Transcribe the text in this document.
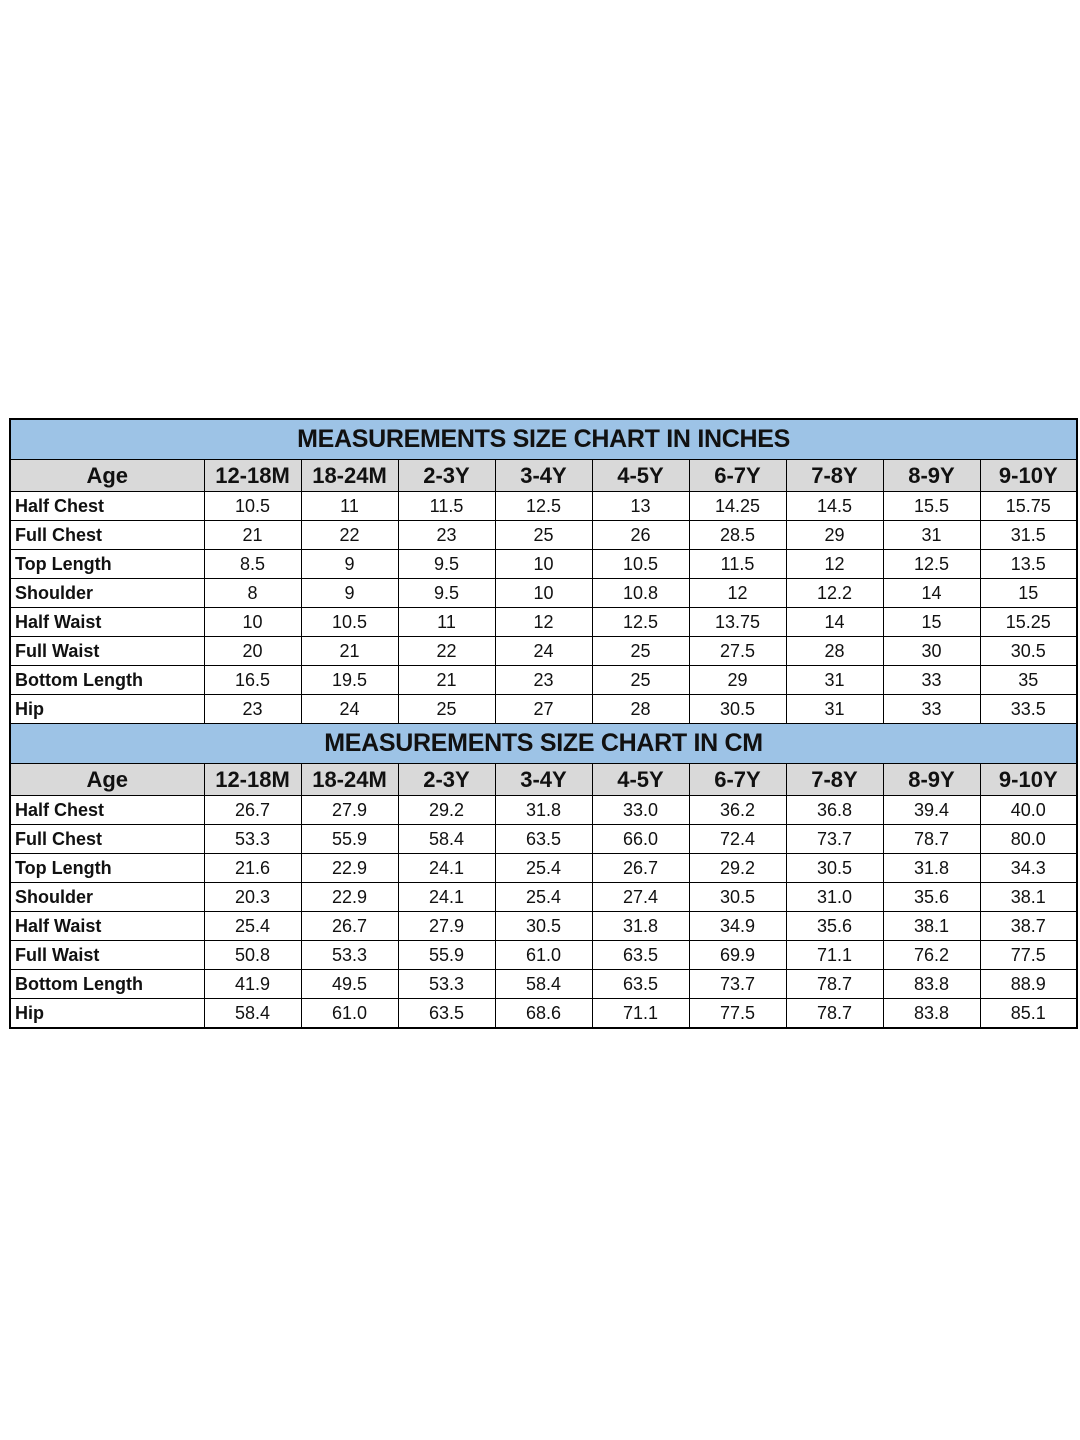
MEASUREMENTS SIZE CHART IN INCHES									
Age	12-18M	18-24M	2-3Y	3-4Y	4-5Y	6-7Y	7-8Y	8-9Y	9-10Y
Half Chest	10.5	11	11.5	12.5	13	14.25	14.5	15.5	15.75
Full Chest	21	22	23	25	26	28.5	29	31	31.5
Top Length	8.5	9	9.5	10	10.5	11.5	12	12.5	13.5
Shoulder	8	9	9.5	10	10.8	12	12.2	14	15
Half Waist	10	10.5	11	12	12.5	13.75	14	15	15.25
Full Waist	20	21	22	24	25	27.5	28	30	30.5
Bottom Length	16.5	19.5	21	23	25	29	31	33	35
Hip	23	24	25	27	28	30.5	31	33	33.5
MEASUREMENTS SIZE CHART IN CM									
Age	12-18M	18-24M	2-3Y	3-4Y	4-5Y	6-7Y	7-8Y	8-9Y	9-10Y
Half Chest	26.7	27.9	29.2	31.8	33.0	36.2	36.8	39.4	40.0
Full Chest	53.3	55.9	58.4	63.5	66.0	72.4	73.7	78.7	80.0
Top Length	21.6	22.9	24.1	25.4	26.7	29.2	30.5	31.8	34.3
Shoulder	20.3	22.9	24.1	25.4	27.4	30.5	31.0	35.6	38.1
Half Waist	25.4	26.7	27.9	30.5	31.8	34.9	35.6	38.1	38.7
Full Waist	50.8	53.3	55.9	61.0	63.5	69.9	71.1	76.2	77.5
Bottom Length	41.9	49.5	53.3	58.4	63.5	73.7	78.7	83.8	88.9
Hip	58.4	61.0	63.5	68.6	71.1	77.5	78.7	83.8	85.1
